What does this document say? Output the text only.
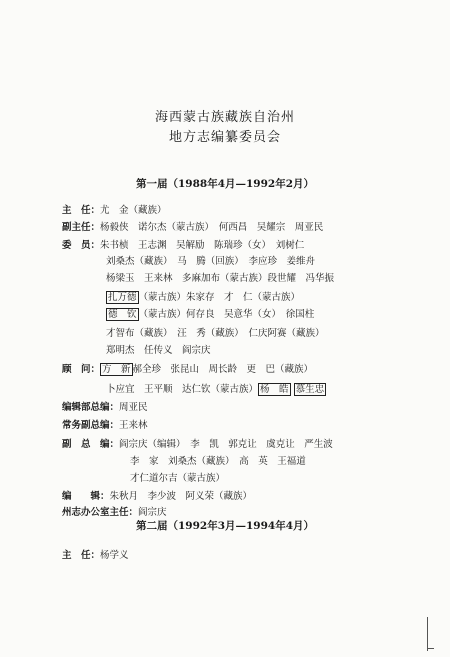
海西蒙古族藏族自治州
地方志编纂委员会
第一届（1988年4月—1992年2月）
主　任：尤　金（藏族）
副主任：杨毅侠　诺尔杰（蒙古族）　何西昌　吴耀宗　周亚民
委　员：朱书桢　王志渊　吴解励　陈瑞珍（女）　刘树仁
刘桑杰（藏族）　马　腾（回族）　李应珍　姜维舟
杨梁玉　王来林　多麻加布（蒙古族）段世耀　冯华振
扎万德 （蒙古族）朱家存　才　仁（蒙古族）
德　钦 （蒙古族）何存良　吴意华（女）　徐国柱
才智布（藏族）　汪　秀（藏族）　仁庆阿赛（藏族）
郑明杰　任传义　阎宗庆
顾　问： 方　新 郝全珍　张昆山　周长龄　更　巴（藏族）
卜应宜　王平顺　达仁钦（蒙古族） 杨　皓 慕生忠
编辑部总编：周亚民
常务副总编：王来林
副　总　编：阎宗庆（编辑）　李　凯　郭克让　虞克让　严生波
李　家　刘桑杰（藏族）　高　英　王福道
才仁道尔吉（蒙古族）
编　　辑：朱秋月　李少波　阿义荣（藏族）
州志办公室主任：阎宗庆
第二届（1992年3月—1994年4月）
主　任：杨学义
